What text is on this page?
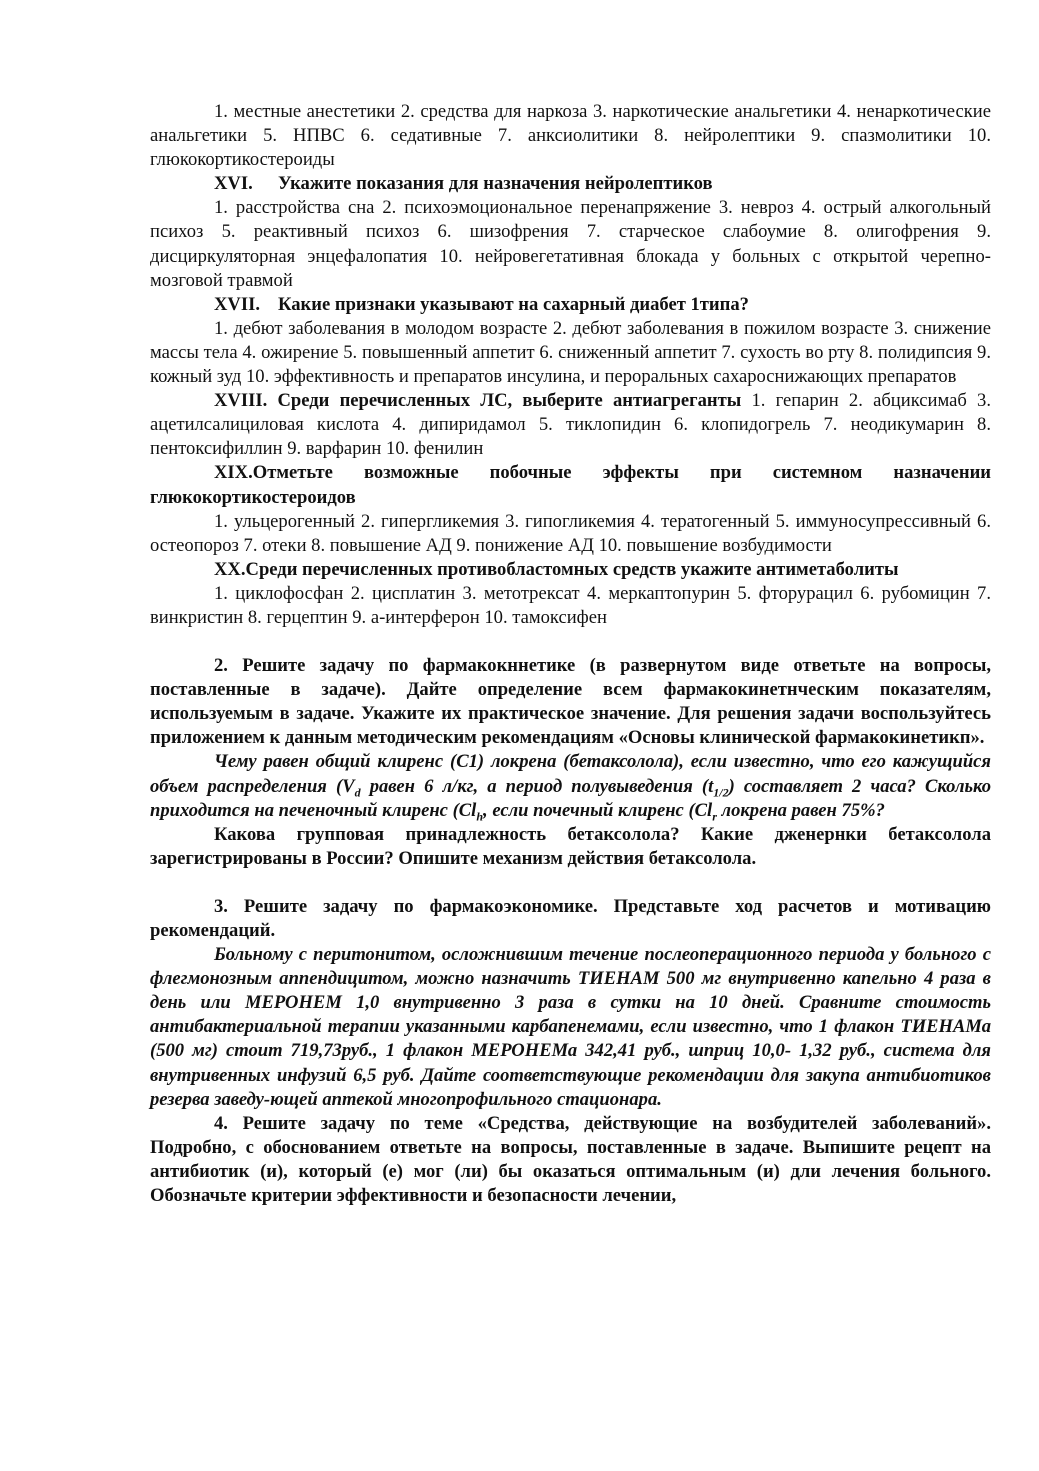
1. местные анестетики 2. средства для наркоза 3. наркотические анальгетики 4. ненаркотические анальгетики 5. НПВС 6. седативные 7. анксиолитики 8. нейролептики 9. спазмолитики 10. глюкокортикостероиды

XVI. Укажите показания для назначения нейролептиков

1. расстройства сна 2. психоэмоциональное перенапряжение 3. невроз 4. острый алкогольный психоз 5. реактивный психоз 6. шизофрения 7. старческое слабоумие 8. олигофрения 9. дисциркуляторная энцефалопатия 10. нейровегетативная блокада у больных с открытой черепно-мозговой травмой

XVII. Какие признаки указывают на сахарный диабет 1типа?

1. дебют заболевания в молодом возрасте 2. дебют заболевания в пожилом возрасте 3. снижение массы тела 4. ожирение 5. повышенный аппетит 6. сниженный аппетит 7. сухость во рту 8. полидипсия 9. кожный зуд 10. эффективность и препаратов инсулина, и пероральных сахароснижающих препаратов

XVIII. Среди перечисленных ЛС, выберите антиагреганты 1. гепарин 2. абциксимаб 3. ацетилсалициловая кислота 4. дипиридамол 5. тиклопидин 6. клопидогрель 7. неодикумарин 8. пентоксифиллин 9. варфарин 10. фенилин

XIX.Отметьте возможные побочные эффекты при системном назначении глюкокортикостероидов

1. ульцерогенный 2. гипергликемия 3. гипогликемия 4. тератогенный 5. иммуносупрессивный 6. остеопороз 7. отеки 8. повышение АД 9. понижение АД 10. повышение возбудимости

XX.Среди перечисленных противобластомных средств укажите антиметаболиты

1. циклофосфан 2. цисплатин 3. метотрексат 4. меркаптопурин 5. фторурацил 6. рубомицин 7. винкристин 8. герцептин 9. а-интерферон 10. тамоксифен

2. Решите задачу по фармакокннетике (в развернутом виде ответьте на вопросы, поставленные в задаче). Дайте определение всем фармакокинетнческим показателям, используемым в задаче. Укажите их практическое значение. Для решения задачи воспользуйтесь приложением к данным методическим рекомендациям «Основы клинической фармакокинетикп».

Чему равен общий клиренс (С1) локрена (бетаксолола), если известно, что его кажущийся объем распределения ($V_d$ равен 6 л/кг, а период полувыведения $(t_{1/2})$ составляет 2 часа? Сколько приходится на печеночный клиренс ($Cl_h$, если почечный клиренс ($Cl_r$ локрена равен 75%?

Какова групповая принадлежность бетаксолола? Какие дженернки бетаксолола зарегистрированы в России? Опишите механизм действия бетаксолола.

3. Решите задачу по фармакоэкономике. Представьте ход расчетов и мотивацию рекомендаций.

Больному с перитонитом, осложнившим течение послеоперационного периода у больного с флегмонозным аппендицитом, можно назначить ТИЕНАМ 500 мг внутривенно капельно 4 раза в день или МЕРОНЕМ 1,0 внутривенно 3 раза в сутки на 10 дней. Сравните стоимость антибактериальной терапии указанными карбапенемами, если известно, что 1 флакон ТИЕНАМа (500 мг) стоит 719,73руб., 1 флакон МЕРОНЕМа 342,41 руб., шприц 10,0- 1,32 руб., система для внутривенных инфузий 6,5 руб. Дайте соответствующие рекомендации для закупа антибиотиков резерва заведу-ющей аптекой многопрофильного стационара.

4. Решите задачу по теме «Средства, действующие на возбудителей заболеваний». Подробно, с обоснованием ответьте на вопросы, поставленные в задаче. Выпишите рецепт на антибиотик (и), который (е) мог (ли) бы оказаться оптимальным (и) дли лечения больного. Обозначьте критерии эффективности и безопасности лечении,
